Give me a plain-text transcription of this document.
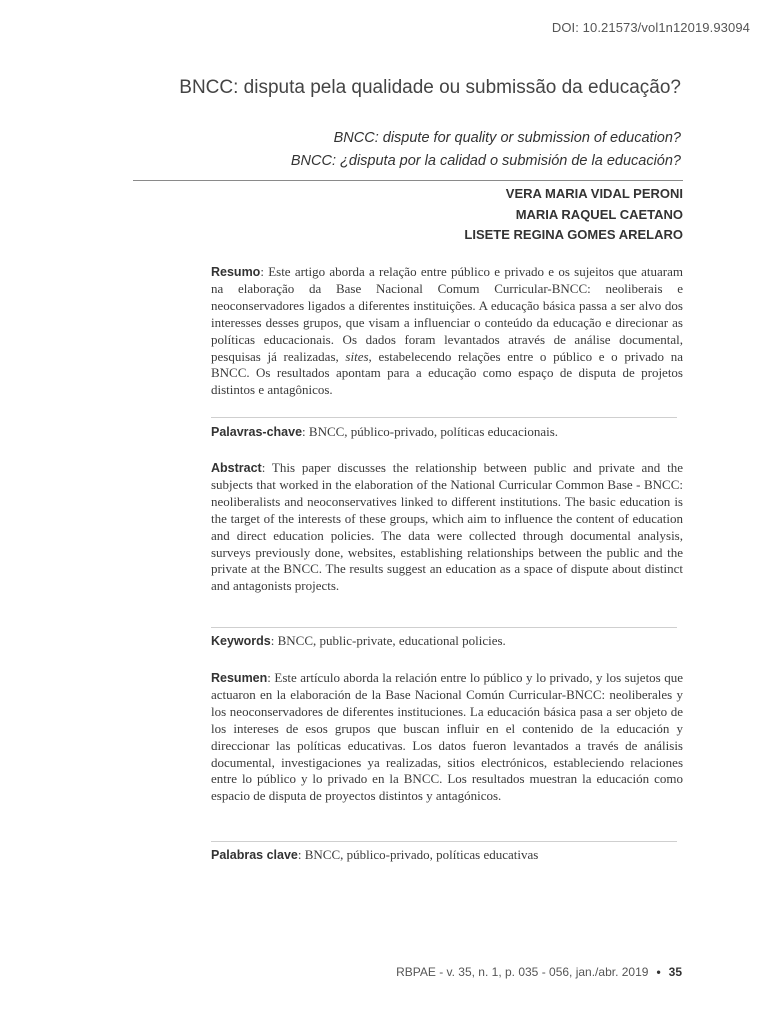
DOI: 10.21573/vol1n12019.93094
BNCC: disputa pela qualidade ou submissão da educação?

BNCC: dispute for quality or submission of education?

BNCC: ¿disputa por la calidad o submisión de la educación?

VERA MARIA VIDAL PERONI

MARIA RAQUEL CAETANO

LISETE REGINA GOMES ARELARO

Resumo: Este artigo aborda a relação entre público e privado e os sujeitos que atuaram na elaboração da Base Nacional Comum Curricular-BNCC: neoliberais e neoconservadores ligados a diferentes instituições. A educação básica passa a ser alvo dos interesses desses grupos, que visam a influenciar o conteúdo da educação e direcionar as políticas educacionais. Os dados foram levantados através de análise documental, pesquisas já realizadas, sites, estabelecendo relações entre o público e o privado na BNCC. Os resultados apontam para a educação como espaço de disputa de projetos distintos e antagônicos.

Palavras-chave: BNCC, público-privado, políticas educacionais.

Abstract: This paper discusses the relationship between public and private and the subjects that worked in the elaboration of the National Curricular Common Base - BNCC: neoliberalists and neoconservatives linked to different institutions. The basic education is the target of the interests of these groups, which aim to influence the content of education and direct education policies. The data were collected through documental analysis, surveys previously done, websites, establishing relationships between the public and the private at the BNCC. The results suggest an education as a space of dispute about distinct and antagonists projects.

Keywords: BNCC, public-private, educational policies.

Resumen: Este artículo aborda la relación entre lo público y lo privado, y los sujetos que actuaron en la elaboración de la Base Nacional Común Curricular-BNCC: neoliberales y los neoconservadores de diferentes instituciones. La educación básica pasa a ser objeto de los intereses de esos grupos que buscan influir en el contenido de la educación y direccionar las políticas educativas. Los datos fueron levantados a través de análisis documental, investigaciones ya realizadas, sitios electrónicos, estableciendo relaciones entre lo público y lo privado en la BNCC. Los resultados muestran la educación como espacio de disputa de proyectos distintos y antagónicos.

Palabras clave: BNCC, público-privado, políticas educativas

RBPAE - v. 35, n. 1, p. 035 - 056, jan./abr. 2019 • 35
